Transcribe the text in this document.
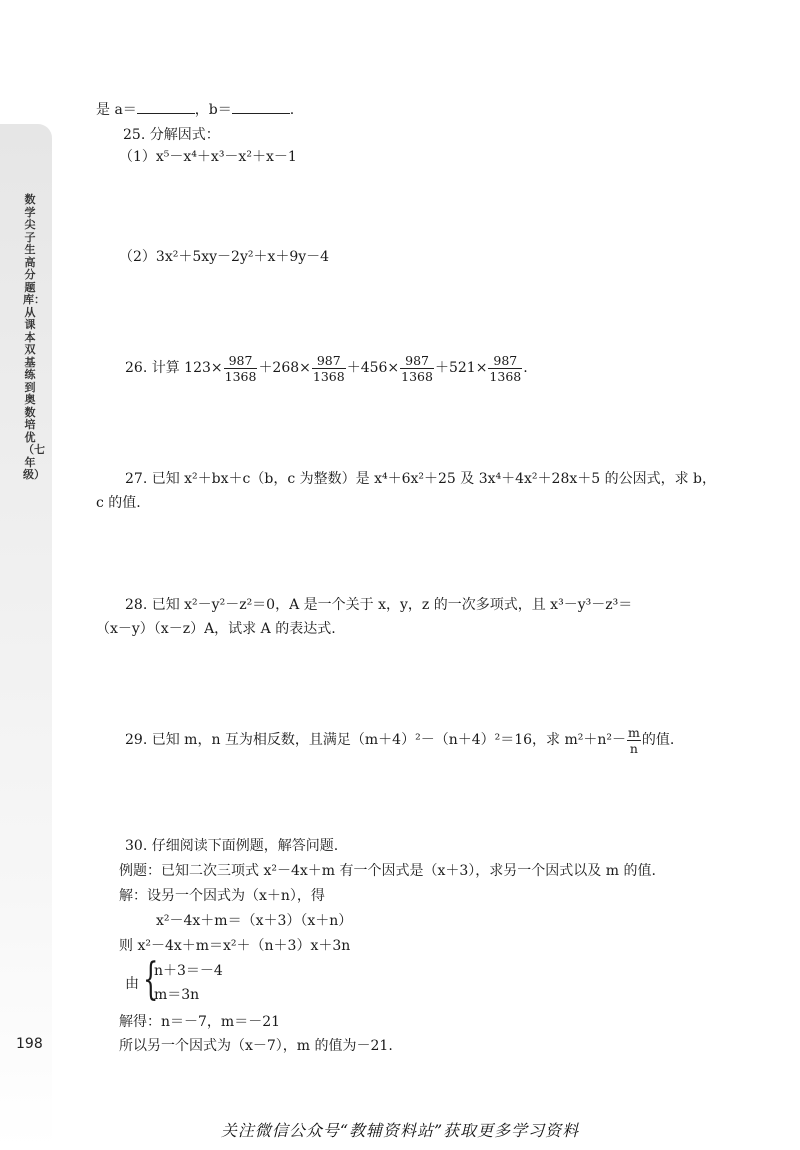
数学尖子生高分题库：从课本双基练到奥数培优（七年级）
198
是 a＝	，b＝	.
25. 分解因式：
（1）x⁵－x⁴＋x³－x²＋x－1
（2）3x²＋5xy－2y²＋x＋9y－4
26. 计算 $123\times \frac{987}{1368} +268\times \frac{987}{1368} +456\times \frac{987}{1368} +521\times \frac{987}{1368}$ .
27. 已知 x²＋bx＋c（b，c 为整数）是 x⁴＋6x²＋25 及 3x⁴＋4x²＋28x＋5 的公因式，求 b，
c 的值.
28. 已知 x²－y²－z²＝0，A 是一个关于 x，y，z 的一次多项式，且 x³－y³－z³＝
（x－y）（x－z）A，试求 A 的表达式.
29. 已知 m，n 互为相反数，且满足（m＋4）²－（n＋4）²＝16，求 $m^2+n^2- \frac{m}{n}$ 的值.
30. 仔细阅读下面例题，解答问题.
例题：已知二次三项式 x²－4x＋m 有一个因式是（x＋3），求另一个因式以及 m 的值.
解：设另一个因式为（x＋n），得
x²－4x＋m＝（x＋3）（x＋n）
则 x²－4x＋m＝x²＋（n＋3）x＋3n
由 {
n＋3＝－4
m＝3n
解得：n＝－7，m＝－21
所以另一个因式为（x－7），m 的值为－21.
关注微信公众号“教辅资料站”获取更多学习资料
